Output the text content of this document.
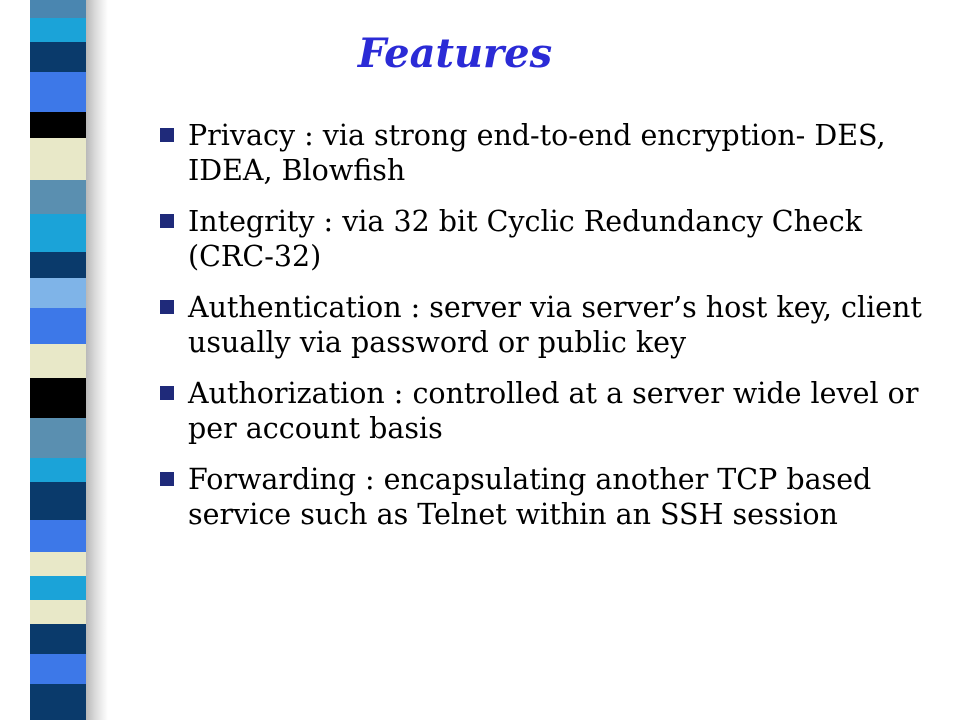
Features
Privacy : via strong end-to-end encryption- DES, IDEA, Blowfish
Integrity : via 32 bit Cyclic Redundancy Check (CRC-32)
Authentication : server via server’s host key, client usually via password or public key
Authorization : controlled at a server wide level or per account basis
Forwarding : encapsulating another TCP based service such as Telnet within an SSH session
